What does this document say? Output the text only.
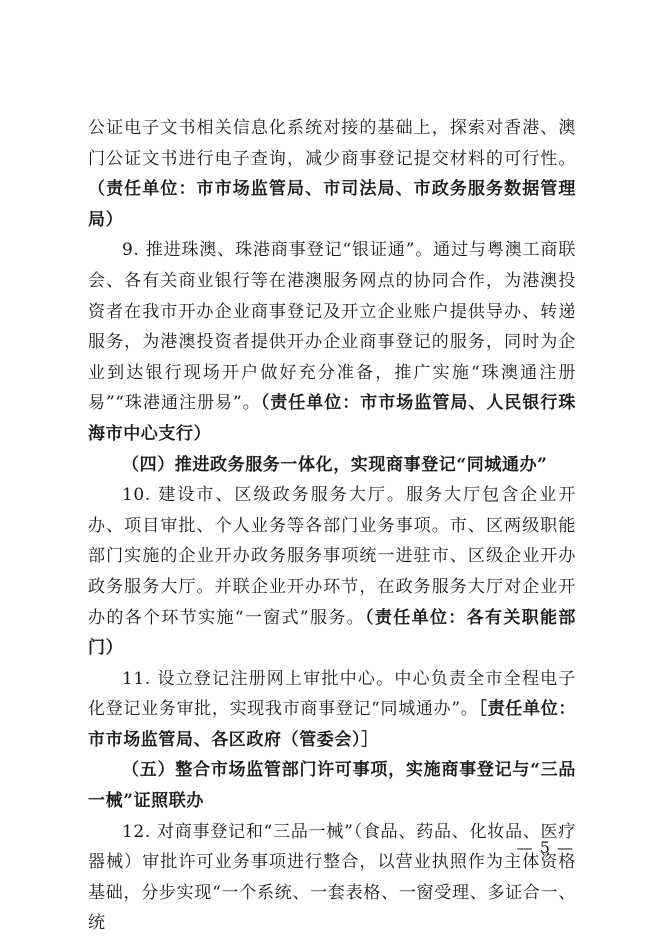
公证电子文书相关信息化系统对接的基础上，探索对香港、澳门公证文书进行电子查询，减少商事登记提交材料的可行性。（责任单位：市市场监管局、市司法局、市政务服务数据管理局）

9. 推进珠澳、珠港商事登记“银证通”。通过与粤澳工商联会、各有关商业银行等在港澳服务网点的协同合作，为港澳投资者在我市开办企业商事登记及开立企业账户提供导办、转递服务，为港澳投资者提供开办企业商事登记的服务，同时为企业到达银行现场开户做好充分准备，推广实施“珠澳通注册易”“珠港通注册易”。（责任单位：市市场监管局、人民银行珠海市中心支行）

（四）推进政务服务一体化，实现商事登记“同城通办”

10. 建设市、区级政务服务大厅。服务大厅包含企业开办、项目审批、个人业务等各部门业务事项。市、区两级职能部门实施的企业开办政务服务事项统一进驻市、区级企业开办政务服务大厅。并联企业开办环节，在政务服务大厅对企业开办的各个环节实施“一窗式”服务。（责任单位：各有关职能部门）

11. 设立登记注册网上审批中心。中心负责全市全程电子化登记业务审批，实现我市商事登记“同城通办”。［责任单位：市市场监管局、各区政府（管委会）］

（五）整合市场监管部门许可事项，实施商事登记与“三品一械”证照联办

12. 对商事登记和“三品一械”（食品、药品、化妆品、医疗器械）审批许可业务事项进行整合，以营业执照作为主体资格基础，分步实现“一个系统、一套表格、一窗受理、多证合一、统

— 5 —
